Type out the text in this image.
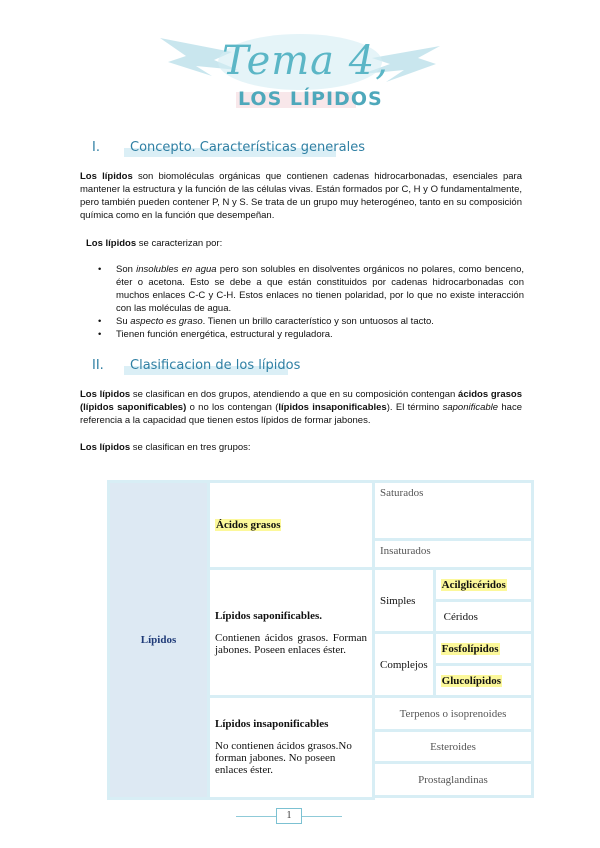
Tema 4,
LOS LÍPIDOS
I. Concepto. Características generales
Los lípidos son biomoléculas orgánicas que contienen cadenas hidrocarbonadas, esenciales para mantener la estructura y la función de las células vivas. Están formados por C, H y O fundamentalmente, pero también pueden contener P, N y S. Se trata de un grupo muy heterogéneo, tanto en su composición química como en la función que desempeñan.
Los lípidos se caracterizan por:
• Son insolubles en agua pero son solubles en disolventes orgánicos no polares, como benceno, éter o acetona. Esto se debe a que están constituidos por cadenas hidrocarbonadas con muchos enlaces C-C y C-H. Estos enlaces no tienen polaridad, por lo que no existe interacción con las moléculas de agua.
• Su aspecto es graso. Tienen un brillo característico y son untuosos al tacto.
• Tienen función energética, estructural y reguladora.
II. Clasificacion de los lípidos
Los lípidos se clasifican en dos grupos, atendiendo a que en su composición contengan ácidos grasos (lípidos saponificables) o no los contengan (lípidos insaponificables). El término saponificable hace referencia a la capacidad que tienen estos lípidos de formar jabones.
Los lípidos se clasifican en tres grupos:
Lípidos	Ácidos grasos	Saturados	
		Insaturados	

	Lípidos saponificables.
Contienen ácidos grasos. Forman jabones. Poseen enlaces éster.	Simples	Acilglicéridos
			Céridos
		Complejos	Fosfolípidos
			Glucolípidos

	Lípidos insaponificables
No contienen ácidos grasos.No forman jabones. No poseen enlaces éster.	Terpenos o isoprenoides	
		Esteroides	
		Prostaglandinas	

1
